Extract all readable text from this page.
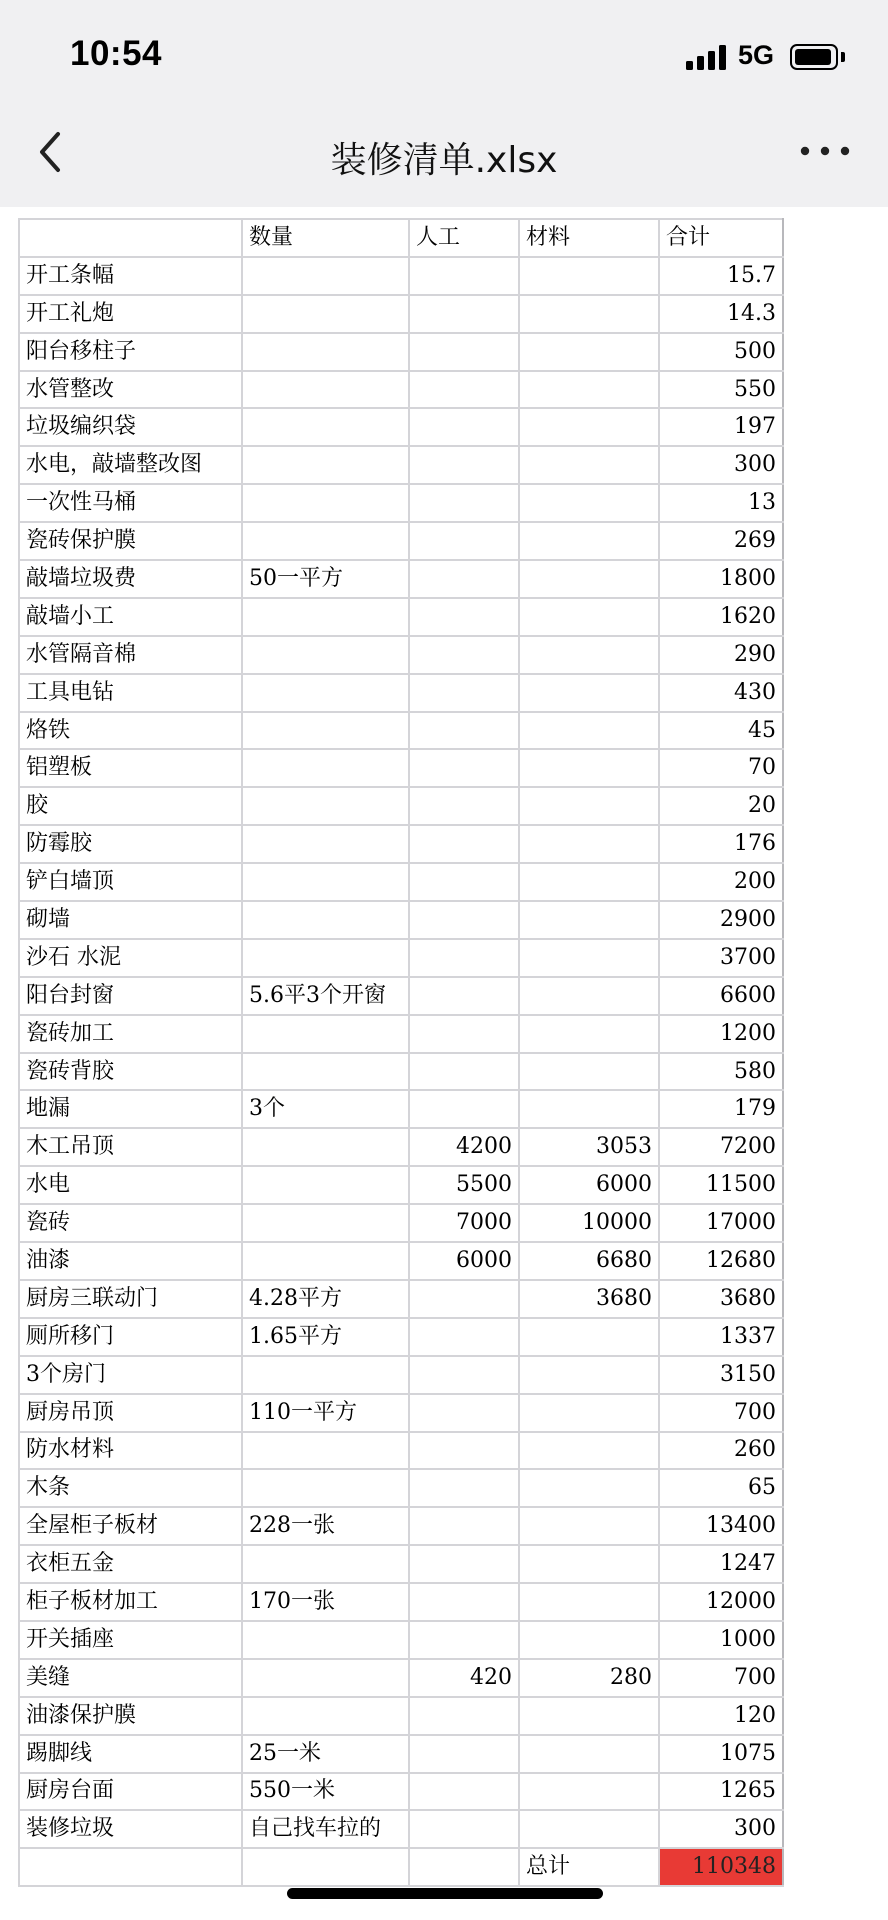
10:54	5G
装修清单.xlsx
	数量	人工	材料	合计
开工条幅				15.7
开工礼炮				14.3
阳台移柱子				500
水管整改				550
垃圾编织袋				197
水电，敲墙整改图				300
一次性马桶				13
瓷砖保护膜				269
敲墙垃圾费	50一平方			1800
敲墙小工				1620
水管隔音棉				290
工具电钻				430
烙铁				45
铝塑板				70
胶				20
防霉胶				176
铲白墙顶				200
砌墙				2900
沙石 水泥				3700
阳台封窗	5.6平3个开窗			6600
瓷砖加工				1200
瓷砖背胶				580
地漏	3个			179
木工吊顶		4200	3053	7200
水电		5500	6000	11500
瓷砖		7000	10000	17000
油漆		6000	6680	12680
厨房三联动门	4.28平方		3680	3680
厕所移门	1.65平方			1337
3个房门				3150
厨房吊顶	110一平方			700
防水材料				260
木条				65
全屋柜子板材	228一张			13400
衣柜五金				1247
柜子板材加工	170一张			12000
开关插座				1000
美缝		420	280	700
油漆保护膜				120
踢脚线	25一米			1075
厨房台面	550一米			1265
装修垃圾	自己找车拉的			300
			总计	110348
